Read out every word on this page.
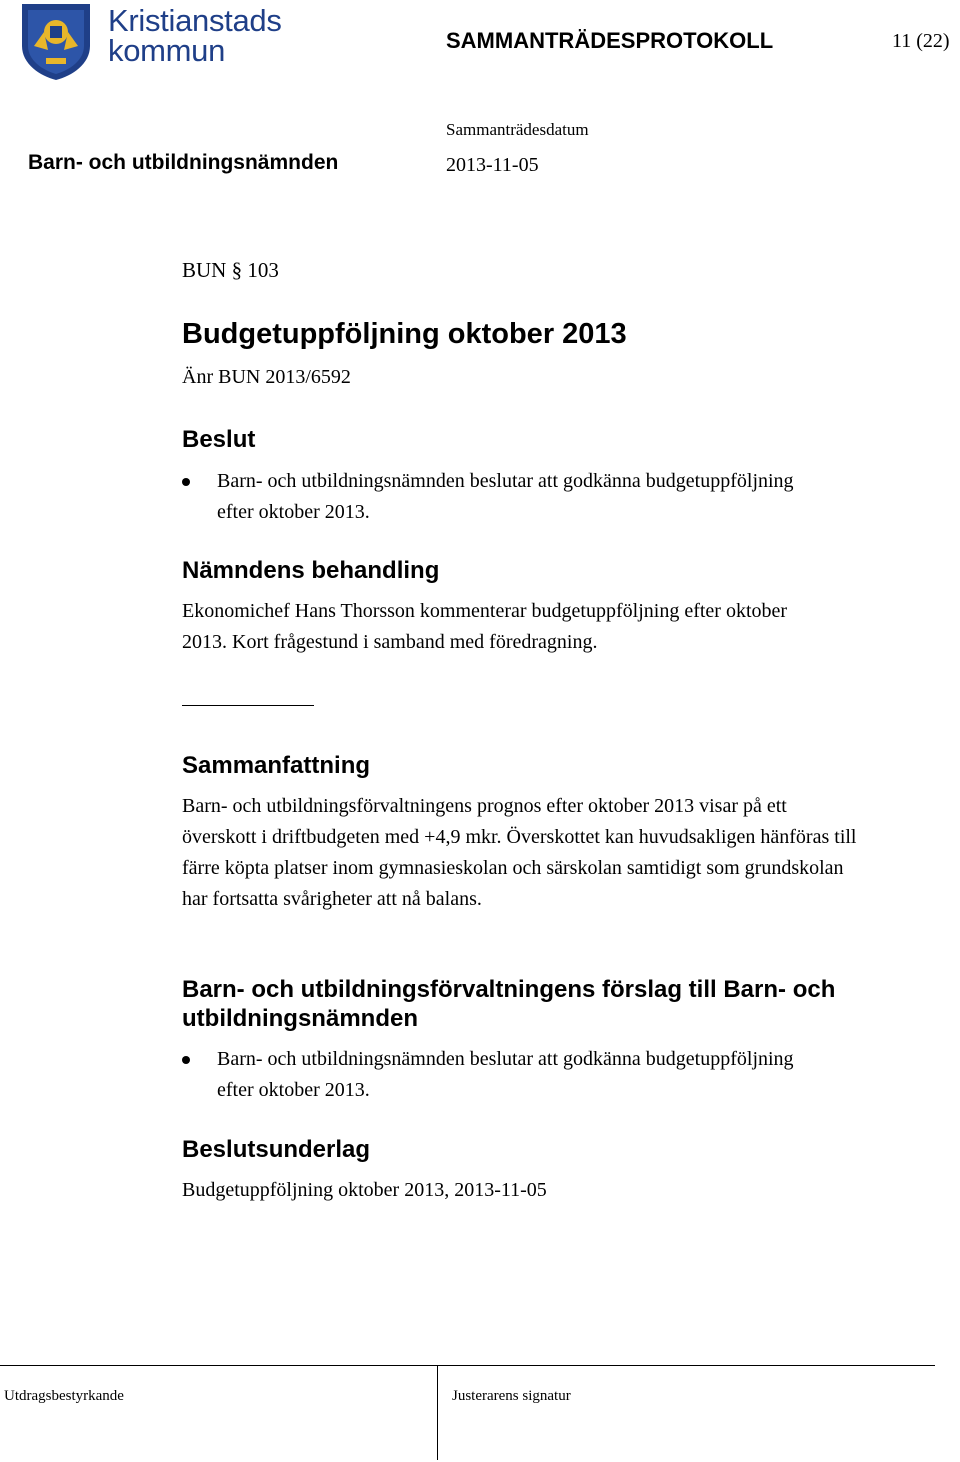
Kristianstads
kommun	SAMMANTRÄDESPROTOKOLL	11 (22)
Sammanträdesdatum
Barn- och utbildningsnämnden	2013-11-05
BUN § 103
Budgetuppföljning oktober 2013
Änr BUN 2013/6592
Beslut
Barn- och utbildningsnämnden beslutar att godkänna budgetuppföljning efter oktober 2013.
Nämndens behandling
Ekonomichef Hans Thorsson kommenterar budgetuppföljning efter oktober 2013. Kort frågestund i samband med föredragning.
Sammanfattning
Barn- och utbildningsförvaltningens prognos efter oktober 2013 visar på ett överskott i driftbudgeten med +4,9 mkr. Överskottet kan huvudsakligen hänföras till färre köpta platser inom gymnasieskolan och särskolan samtidigt som grundskolan har fortsatta svårigheter att nå balans.
Barn- och utbildningsförvaltningens förslag till Barn- och utbildningsnämnden
Barn- och utbildningsnämnden beslutar att godkänna budgetuppföljning efter oktober 2013.
Beslutsunderlag
Budgetuppföljning oktober 2013, 2013-11-05
Utdragsbestyrkande	Justerarens signatur
